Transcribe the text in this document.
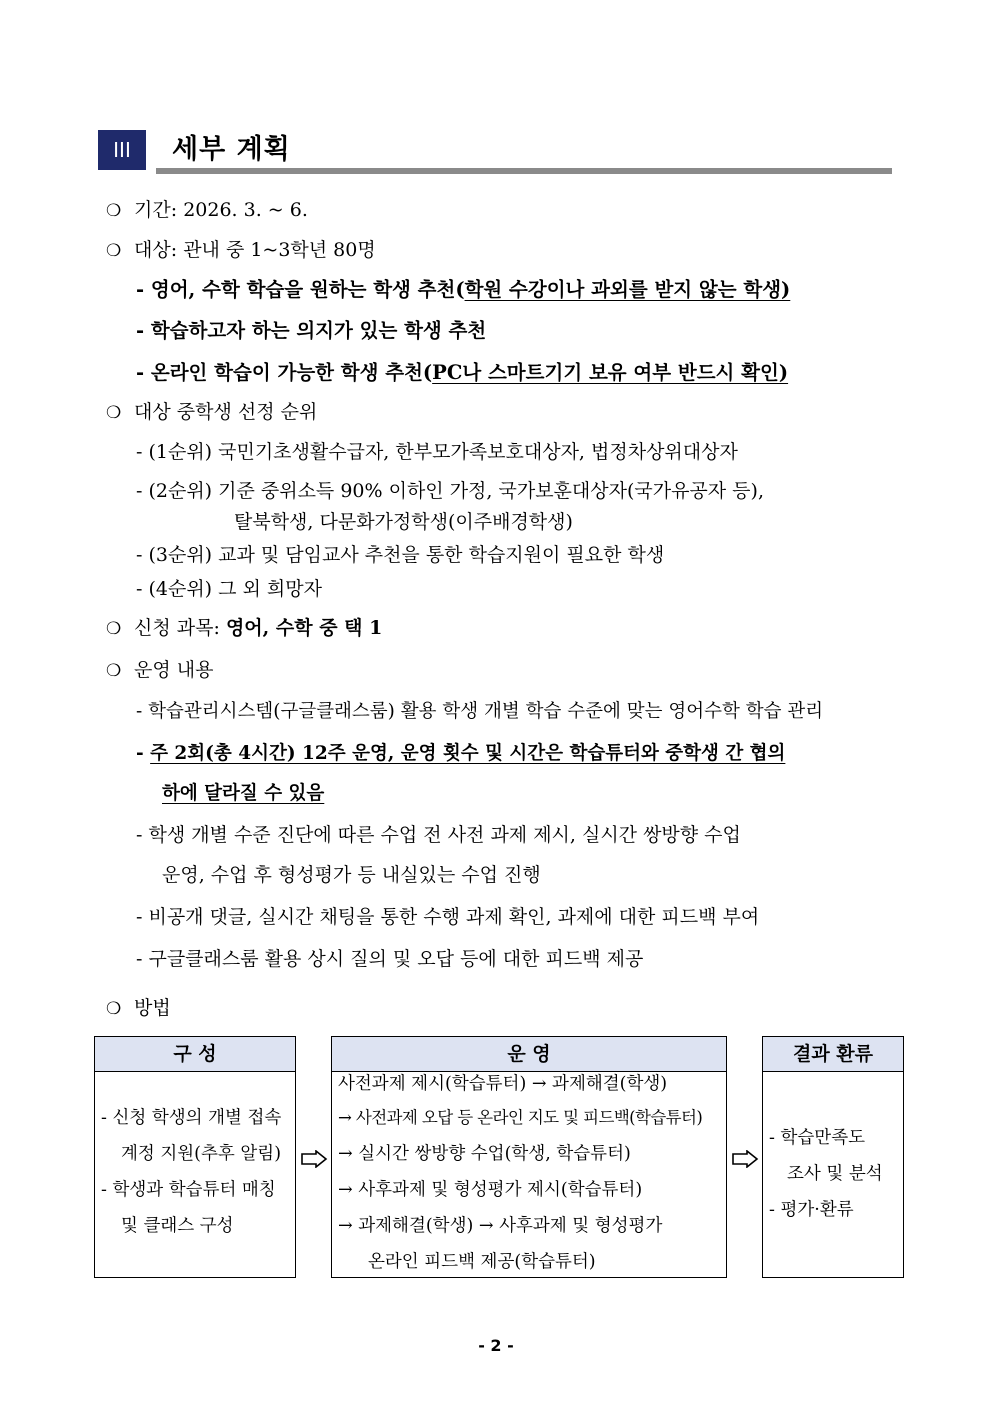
III	세부 계획
❍ 기간: 2026. 3. ~ 6.
❍ 대상: 관내 중 1~3학년 80명
- 영어, 수학 학습을 원하는 학생 추천(학원 수강이나 과외를 받지 않는 학생)
- 학습하고자 하는 의지가 있는 학생 추천
- 온라인 학습이 가능한 학생 추천(PC나 스마트기기 보유 여부 반드시 확인)
❍ 대상 중학생 선정 순위
- (1순위) 국민기초생활수급자, 한부모가족보호대상자, 법정차상위대상자
- (2순위) 기준 중위소득 90% 이하인 가정, 국가보훈대상자(국가유공자 등),
탈북학생, 다문화가정학생(이주배경학생)
- (3순위) 교과 및 담임교사 추천을 통한 학습지원이 필요한 학생
- (4순위) 그 외 희망자
❍ 신청 과목: 영어, 수학 중 택 1
❍ 운영 내용
- 학습관리시스템(구글클래스룸) 활용 학생 개별 학습 수준에 맞는 영어수학 학습 관리
- 주 2회(총 4시간) 12주 운영, 운영 횟수 및 시간은 학습튜터와 중학생 간 협의
하에 달라질 수 있음
- 학생 개별 수준 진단에 따른 수업 전 사전 과제 제시, 실시간 쌍방향 수업
운영, 수업 후 형성평가 등 내실있는 수업 진행
- 비공개 댓글, 실시간 채팅을 통한 수행 과제 확인, 과제에 대한 피드백 부여
- 구글클래스룸 활용 상시 질의 및 오답 등에 대한 피드백 제공
❍ 방법
구 성
- 신청 학생의 개별 접속
계정 지원(추후 알림)
- 학생과 학습튜터 매칭
및 클래스 구성
운 영
사전과제 제시(학습튜터) → 과제해결(학생)
→ 사전과제 오답 등 온라인 지도 및 피드백(학습튜터)
→ 실시간 쌍방향 수업(학생, 학습튜터)
→ 사후과제 및 형성평가 제시(학습튜터)
→ 과제해결(학생) → 사후과제 및 형성평가
온라인 피드백 제공(학습튜터)
결과 환류
- 학습만족도
조사 및 분석
- 평가·환류
- 2 -
